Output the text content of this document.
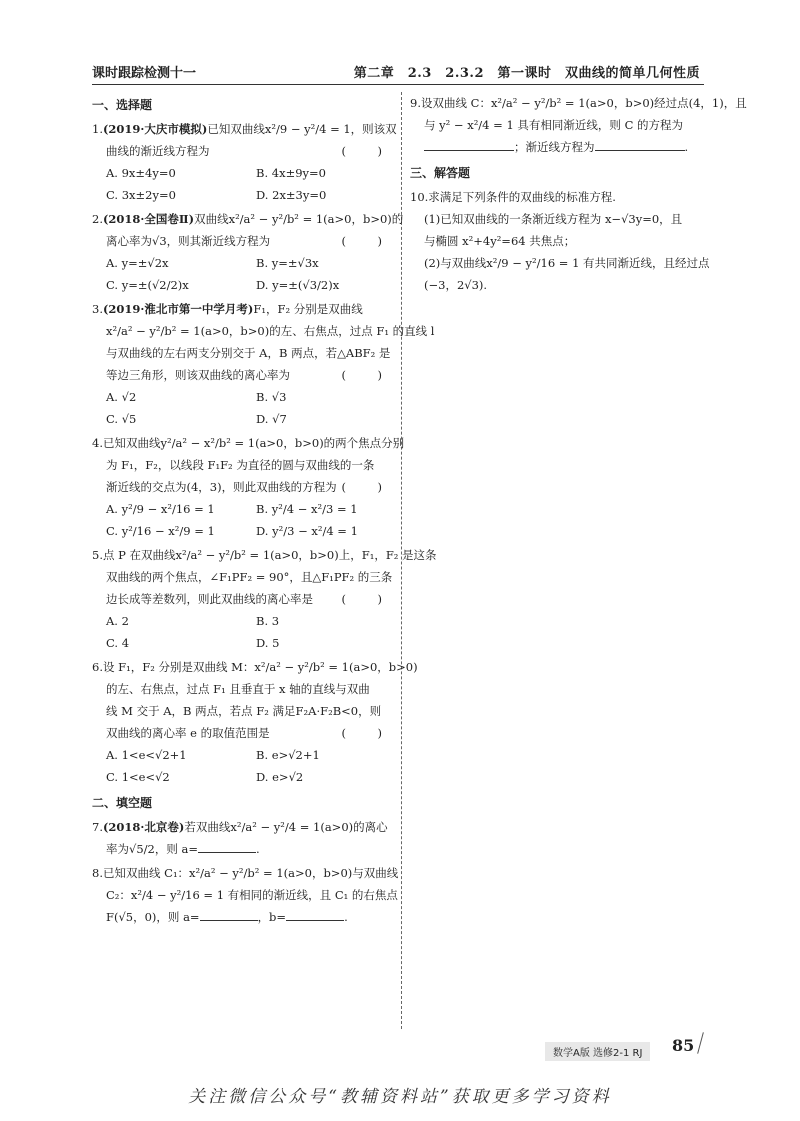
课时跟踪检测十一	第二章　2.3　2.3.2　第一课时　双曲线的简单几何性质
一、选择题
1.(2019·大庆市模拟)已知双曲线x²/9 − y²/4 = 1，则该双
曲线的渐近线方程为	(　)
A. 9x±4y=0	B. 4x±9y=0
C. 3x±2y=0	D. 2x±3y=0
2.(2018·全国卷Ⅱ)双曲线x²/a² − y²/b² = 1(a>0，b>0)的
离心率为√3，则其渐近线方程为	(　)
A. y=±√2x	B. y=±√3x
C. y=±(√2/2)x	D. y=±(√3/2)x
3.(2019·淮北市第一中学月考)F₁，F₂ 分别是双曲线
x²/a² − y²/b² = 1(a>0，b>0)的左、右焦点，过点 F₁ 的直线 l
与双曲线的左右两支分别交于 A，B 两点，若△ABF₂ 是
等边三角形，则该双曲线的离心率为	(　)
A. √2	B. √3
C. √5	D. √7
4.已知双曲线y²/a² − x²/b² = 1(a>0，b>0)的两个焦点分别
为 F₁，F₂，以线段 F₁F₂ 为直径的圆与双曲线的一条
渐近线的交点为(4，3)，则此双曲线的方程为 (　)
A. y²/9 − x²/16 = 1	B. y²/4 − x²/3 = 1
C. y²/16 − x²/9 = 1	D. y²/3 − x²/4 = 1
5.点 P 在双曲线x²/a² − y²/b² = 1(a>0，b>0)上，F₁，F₂ 是这条
双曲线的两个焦点，∠F₁PF₂ = 90°，且△F₁PF₂ 的三条
边长成等差数列，则此双曲线的离心率是 (　)
A. 2	B. 3
C. 4	D. 5
6.设 F₁，F₂ 分别是双曲线 M：x²/a² − y²/b² = 1(a>0，b>0)
的左、右焦点，过点 F₁ 且垂直于 x 轴的直线与双曲
线 M 交于 A，B 两点，若点 F₂ 满足F₂A·F₂B<0，则
双曲线的离心率 e 的取值范围是	(　)
A. 1<e<√2+1	B. e>√2+1
C. 1<e<√2	D. e>√2
二、填空题
7.(2018·北京卷)若双曲线x²/a² − y²/4 = 1(a>0)的离心
率为√5/2，则 a=	.
8.已知双曲线 C₁：x²/a² − y²/b² = 1(a>0，b>0)与双曲线
C₂：x²/4 − y²/16 = 1 有相同的渐近线，且 C₁ 的右焦点
F(√5，0)，则 a=	，b=	.
9.设双曲线 C：x²/a² − y²/b² = 1(a>0，b>0)经过点(4，1)，且
与 y² − x²/4 = 1 具有相同渐近线，则 C 的方程为
；渐近线方程为	.
三、解答题
10.求满足下列条件的双曲线的标准方程.
(1)已知双曲线的一条渐近线方程为 x−√3y=0，且
与椭圆 x²+4y²=64 共焦点；
(2)与双曲线x²/9 − y²/16 = 1 有共同渐近线，且经过点
(−3，2√3).
数学A版 选修2-1 RJ	85
关注微信公众号“教辅资料站”获取更多学习资料
